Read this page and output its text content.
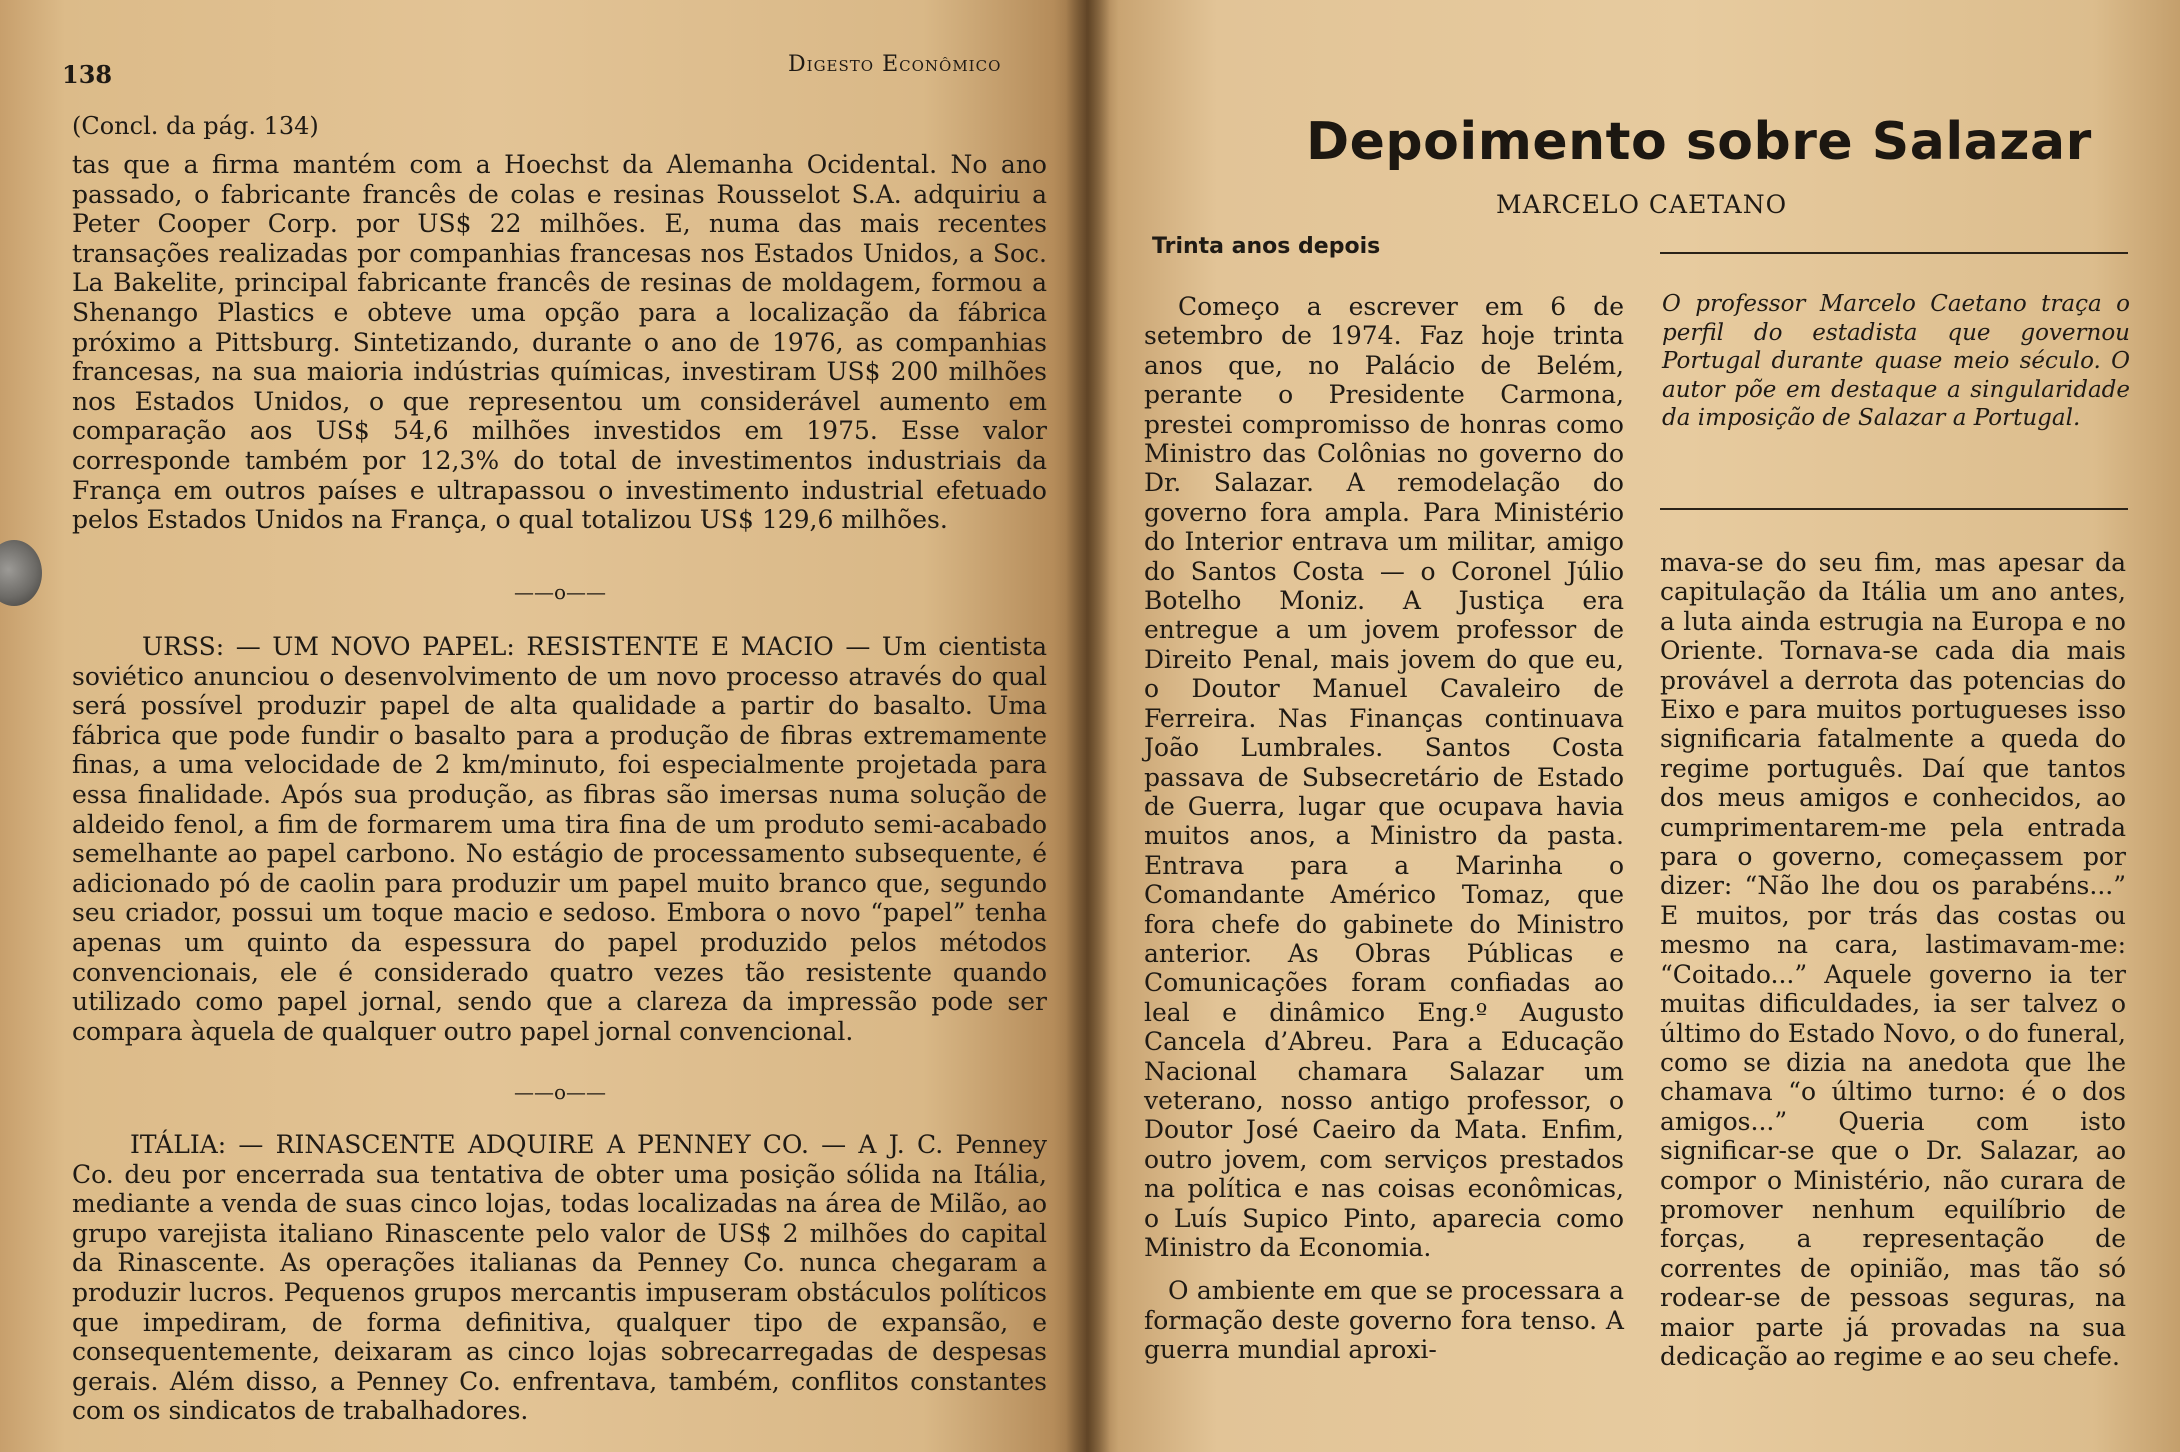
138	Digesto Econômico
(Concl. da pág. 134)

tas que a firma mantém com a Hoechst da Alemanha Ocidental. No ano passado, o fabricante francês de colas e resinas Rousselot S.A. adquiriu a Peter Cooper Corp. por US$ 22 milhões. E, numa das mais recentes transações realizadas por companhias francesas nos Estados Unidos, a Soc. La Bakelite, principal fabricante francês de resinas de moldagem, formou a Shenango Plastics e obteve uma opção para a localização da fábrica próximo a Pittsburg. Sintetizando, durante o ano de 1976, as companhias francesas, na sua maioria indústrias químicas, investiram US$ 200 milhões nos Estados Unidos, o que representou um considerável aumento em comparação aos US$ 54,6 milhões investidos em 1975. Esse valor corresponde também por 12,3% do total de investimentos industriais da França em outros países e ultrapassou o investimento industrial efetuado pelos Estados Unidos na França, o qual totalizou US$ 129,6 milhões.

——o——

URSS: — UM NOVO PAPEL: RESISTENTE E MACIO — Um cientista soviético anunciou o desenvolvimento de um novo processo através do qual será possível produzir papel de alta qualidade a partir do basalto. Uma fábrica que pode fundir o basalto para a produção de fibras extremamente finas, a uma velocidade de 2 km/minuto, foi especialmente projetada para essa finalidade. Após sua produção, as fibras são imersas numa solução de aldeido fenol, a fim de formarem uma tira fina de um produto semi-acabado semelhante ao papel carbono. No estágio de processamento subsequente, é adicionado pó de caolin para produzir um papel muito branco que, segundo seu criador, possui um toque macio e sedoso. Embora o novo “papel” tenha apenas um quinto da espessura do papel produzido pelos métodos convencionais, ele é considerado quatro vezes tão resistente quando utilizado como papel jornal, sendo que a clareza da impressão pode ser compara àquela de qualquer outro papel jornal convencional.

——o——

ITÁLIA: — RINASCENTE ADQUIRE A PENNEY CO. — A J. C. Penney Co. deu por encerrada sua tentativa de obter uma posição sólida na Itália, mediante a venda de suas cinco lojas, todas localizadas na área de Milão, ao grupo varejista italiano Rinascente pelo valor de US$ 2 milhões do capital da Rinascente. As operações italianas da Penney Co. nunca chegaram a produzir lucros. Pequenos grupos mercantis impuseram obstáculos políticos que impediram, de forma definitiva, qualquer tipo de expansão, e consequentemente, deixaram as cinco lojas sobrecarregadas de despesas gerais. Além disso, a Penney Co. enfrentava, também, conflitos constantes com os sindicatos de trabalhadores.

Depoimento sobre Salazar
MARCELO CAETANO
Trinta anos depois

O professor Marcelo Caetano traça o perfil do estadista que governou Portugal durante quase meio século. O autor põe em destaque a singularidade da imposição de Salazar a Portugal.

Começo a escrever em 6 de setembro de 1974. Faz hoje trinta anos que, no Palácio de Belém, perante o Presidente Carmona, prestei compromisso de honras como Ministro das Colônias no governo do Dr. Salazar. A remodelação do governo fora ampla. Para Ministério do Interior entrava um militar, amigo do Santos Costa — o Coronel Júlio Botelho Moniz. A Justiça era entregue a um jovem professor de Direito Penal, mais jovem do que eu, o Doutor Manuel Cavaleiro de Ferreira. Nas Finanças continuava João Lumbrales. Santos Costa passava de Subsecretário de Estado de Guerra, lugar que ocupava havia muitos anos, a Ministro da pasta. Entrava para a Marinha o Comandante Américo Tomaz, que fora chefe do gabinete do Ministro anterior. As Obras Públicas e Comunicações foram confiadas ao leal e dinâmico Eng.º Augusto Cancela d’Abreu. Para a Educação Nacional chamara Salazar um veterano, nosso antigo professor, o Doutor José Caeiro da Mata. Enfim, outro jovem, com serviços prestados na política e nas coisas econômicas, o Luís Supico Pinto, aparecia como Ministro da Economia.

O ambiente em que se processara a formação deste governo fora tenso. A guerra mundial aproxi-

mava-se do seu fim, mas apesar da capitulação da Itália um ano antes, a luta ainda estrugia na Europa e no Oriente. Tornava-se cada dia mais provável a derrota das potencias do Eixo e para muitos portugueses isso significaria fatalmente a queda do regime português. Daí que tantos dos meus amigos e conhecidos, ao cumprimentarem-me pela entrada para o governo, começassem por dizer: “Não lhe dou os parabéns...” E muitos, por trás das costas ou mesmo na cara, lastimavam-me: “Coitado...” Aquele governo ia ter muitas dificuldades, ia ser talvez o último do Estado Novo, o do funeral, como se dizia na anedota que lhe chamava “o último turno: é o dos amigos...” Queria com isto significar-se que o Dr. Salazar, ao compor o Ministério, não curara de promover nenhum equilíbrio de forças, a representação de correntes de opinião, mas tão só rodear-se de pessoas seguras, na maior parte já provadas na sua dedicação ao regime e ao seu chefe.
